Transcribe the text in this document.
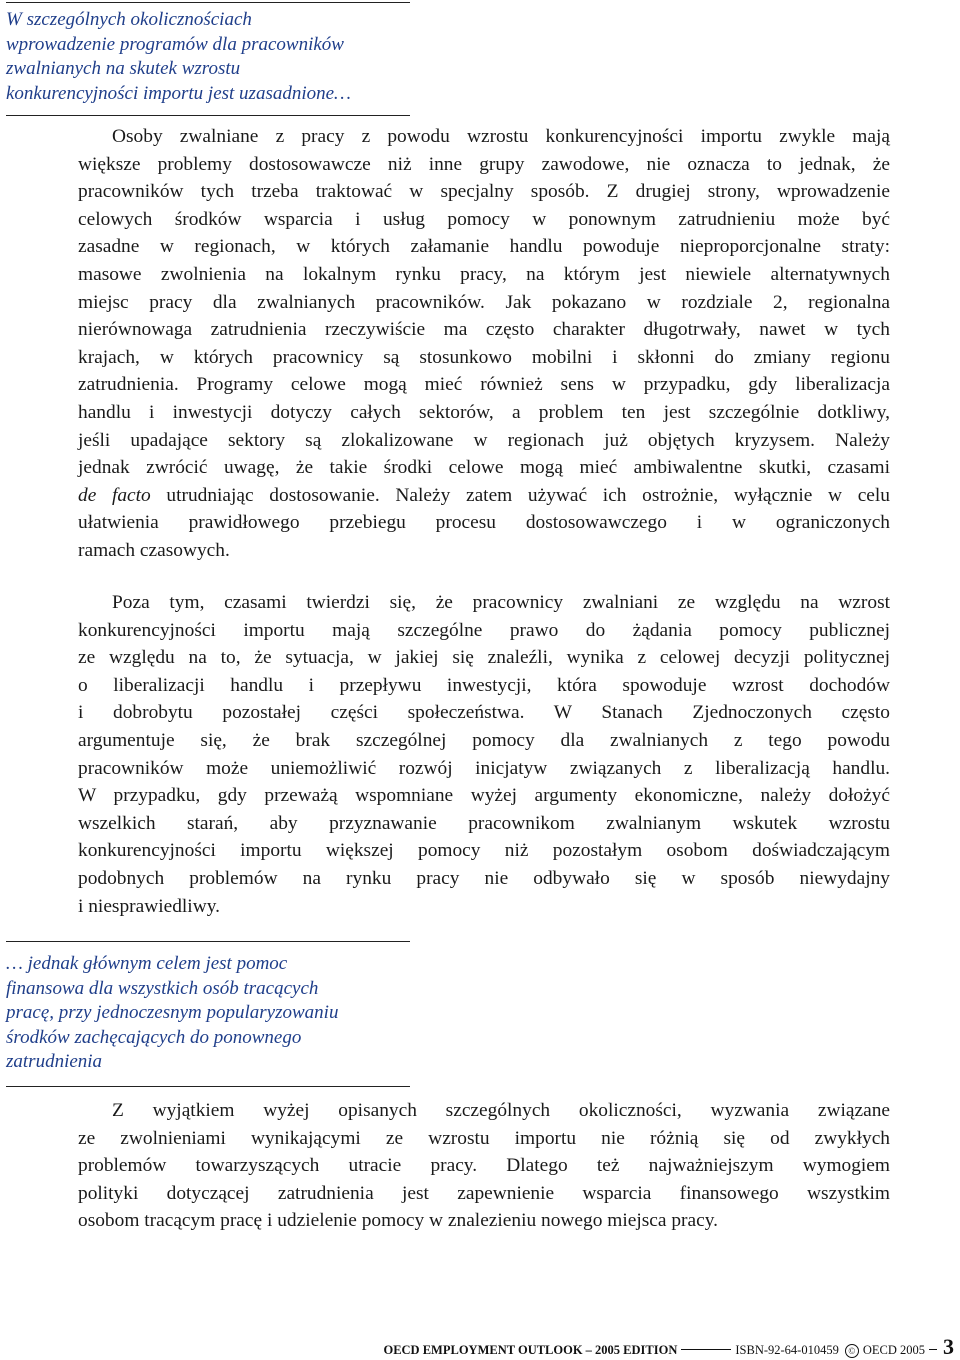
W szczególnych okolicznościach
wprowadzenie programów dla pracowników
zwalnianych na skutek wzrostu
konkurencyjności importu jest uzasadnione…
Osoby zwalniane z pracy z powodu wzrostu konkurencyjności importu zwykle mają
większe problemy dostosowawcze niż inne grupy zawodowe, nie oznacza to jednak, że
pracowników tych trzeba traktować w specjalny sposób. Z drugiej strony, wprowadzenie
celowych środków wsparcia i usług pomocy w ponownym zatrudnieniu może być
zasadne w regionach, w których załamanie handlu powoduje nieproporcjonalne straty:
masowe zwolnienia na lokalnym rynku pracy, na którym jest niewiele alternatywnych
miejsc pracy dla zwalnianych pracowników. Jak pokazano w rozdziale 2, regionalna
nierównowaga zatrudnienia rzeczywiście ma często charakter długotrwały, nawet w tych
krajach, w których pracownicy są stosunkowo mobilni i skłonni do zmiany regionu
zatrudnienia. Programy celowe mogą mieć również sens w przypadku, gdy liberalizacja
handlu i inwestycji dotyczy całych sektorów, a problem ten jest szczególnie dotkliwy,
jeśli upadające sektory są zlokalizowane w regionach już objętych kryzysem. Należy
jednak zwrócić uwagę, że takie środki celowe mogą mieć ambiwalentne skutki, czasami
de facto utrudniając dostosowanie. Należy zatem używać ich ostrożnie, wyłącznie w celu
ułatwienia prawidłowego przebiegu procesu dostosowawczego i w ograniczonych
ramach czasowych.
Poza tym, czasami twierdzi się, że pracownicy zwalniani ze względu na wzrost
konkurencyjności importu mają szczególne prawo do żądania pomocy publicznej
ze względu na to, że sytuacja, w jakiej się znaleźli, wynika z celowej decyzji politycznej
o liberalizacji handlu i przepływu inwestycji, która spowoduje wzrost dochodów
i dobrobytu pozostałej części społeczeństwa. W Stanach Zjednoczonych często
argumentuje się, że brak szczególnej pomocy dla zwalnianych z tego powodu
pracowników może uniemożliwić rozwój inicjatyw związanych z liberalizacją handlu.
W przypadku, gdy przeważą wspomniane wyżej argumenty ekonomiczne, należy dołożyć
wszelkich starań, aby przyznawanie pracownikom zwalnianym wskutek wzrostu
konkurencyjności importu większej pomocy niż pozostałym osobom doświadczającym
podobnych problemów na rynku pracy nie odbywało się w sposób niewydajny
i niesprawiedliwy.
… jednak głównym celem jest pomoc
finansowa dla wszystkich osób tracących
pracę, przy jednoczesnym popularyzowaniu
środków zachęcających do ponownego
zatrudnienia
Z wyjątkiem wyżej opisanych szczególnych okoliczności, wyzwania związane
ze zwolnieniami wynikającymi ze wzrostu importu nie różnią się od zwykłych
problemów towarzyszących utracie pracy. Dlatego też najważniejszym wymogiem
polityki dotyczącej zatrudnienia jest zapewnienie wsparcia finansowego wszystkim
osobom tracącym pracę i udzielenie pomocy w znalezieniu nowego miejsca pracy.
OECD EMPLOYMENT OUTLOOK – 2005 EDITION	ISBN-92-64-010459	© OECD 2005 3
